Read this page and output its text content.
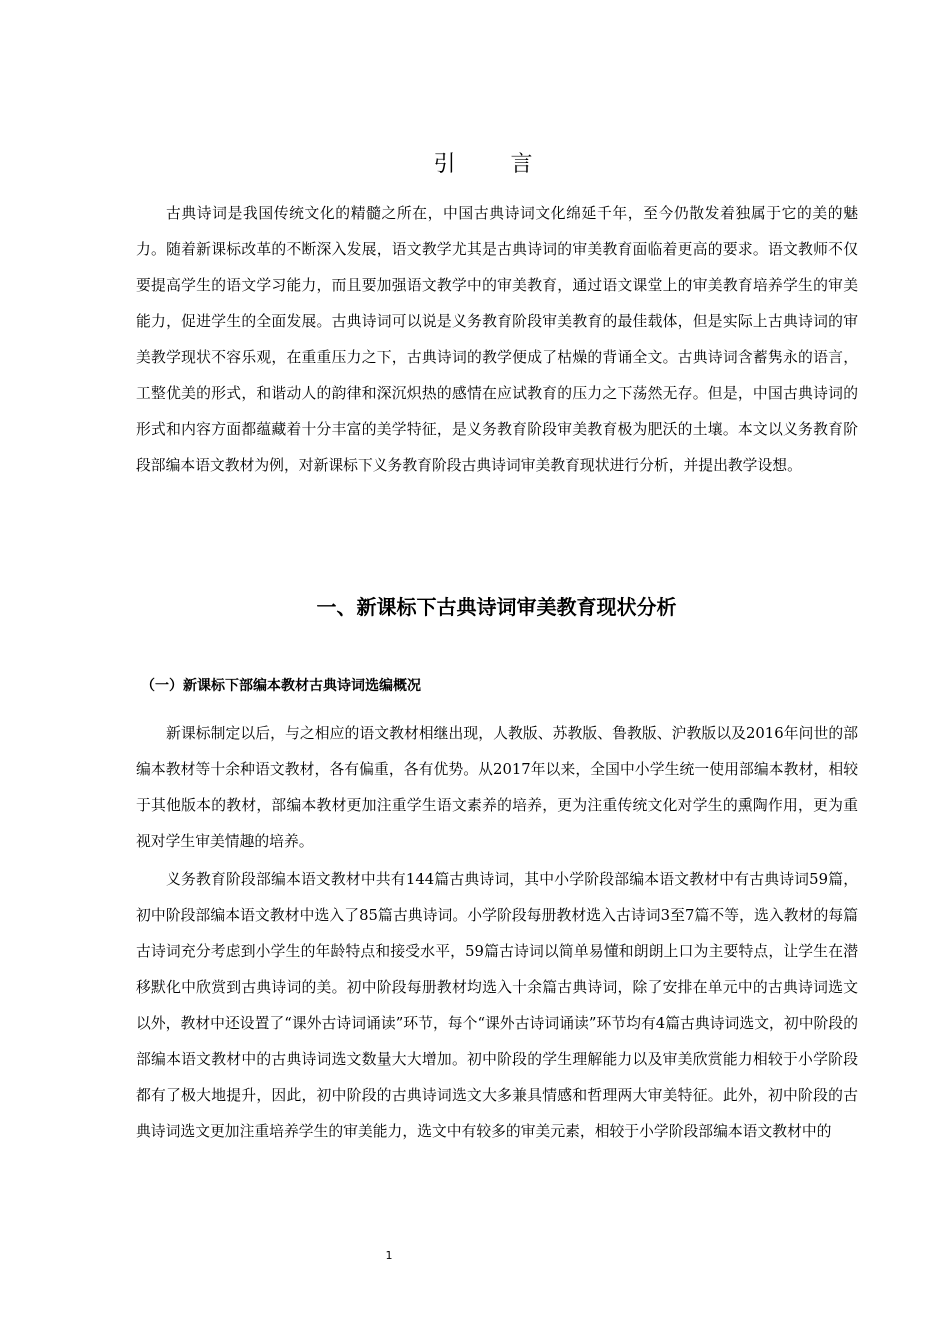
引 言

古典诗词是我国传统文化的精髓之所在，中国古典诗词文化绵延千年，至今仍散发着独属于它的美的魅力。随着新课标改革的不断深入发展，语文教学尤其是古典诗词的审美教育面临着更高的要求。语文教师不仅要提高学生的语文学习能力，而且要加强语文教学中的审美教育，通过语文课堂上的审美教育培养学生的审美能力，促进学生的全面发展。古典诗词可以说是义务教育阶段审美教育的最佳载体，但是实际上古典诗词的审美教学现状不容乐观，在重重压力之下，古典诗词的教学便成了枯燥的背诵全文。古典诗词含蓄隽永的语言，工整优美的形式，和谐动人的韵律和深沉炽热的感情在应试教育的压力之下荡然无存。但是，中国古典诗词的形式和内容方面都蕴藏着十分丰富的美学特征，是义务教育阶段审美教育极为肥沃的土壤。本文以义务教育阶段部编本语文教材为例，对新课标下义务教育阶段古典诗词审美教育现状进行分析，并提出教学设想。

一、新课标下古典诗词审美教育现状分析
（一）新课标下部编本教材古典诗词选编概况

新课标制定以后，与之相应的语文教材相继出现，人教版、苏教版、鲁教版、沪教版以及2016年问世的部编本教材等十余种语文教材，各有偏重，各有优势。从2017年以来，全国中小学生统一使用部编本教材，相较于其他版本的教材，部编本教材更加注重学生语文素养的培养，更为注重传统文化对学生的熏陶作用，更为重视对学生审美情趣的培养。

义务教育阶段部编本语文教材中共有144篇古典诗词，其中小学阶段部编本语文教材中有古典诗词59篇，初中阶段部编本语文教材中选入了85篇古典诗词。小学阶段每册教材选入古诗词3至7篇不等，选入教材的每篇古诗词充分考虑到小学生的年龄特点和接受水平，59篇古诗词以简单易懂和朗朗上口为主要特点，让学生在潜移默化中欣赏到古典诗词的美。初中阶段每册教材均选入十余篇古典诗词，除了安排在单元中的古典诗词选文以外，教材中还设置了“课外古诗词诵读”环节，每个“课外古诗词诵读”环节均有4篇古典诗词选文，初中阶段的部编本语文教材中的古典诗词选文数量大大增加。初中阶段的学生理解能力以及审美欣赏能力相较于小学阶段都有了极大地提升，因此，初中阶段的古典诗词选文大多兼具情感和哲理两大审美特征。此外，初中阶段的古典诗词选文更加注重培养学生的审美能力，选文中有较多的审美元素，相较于小学阶段部编本语文教材中的

1
